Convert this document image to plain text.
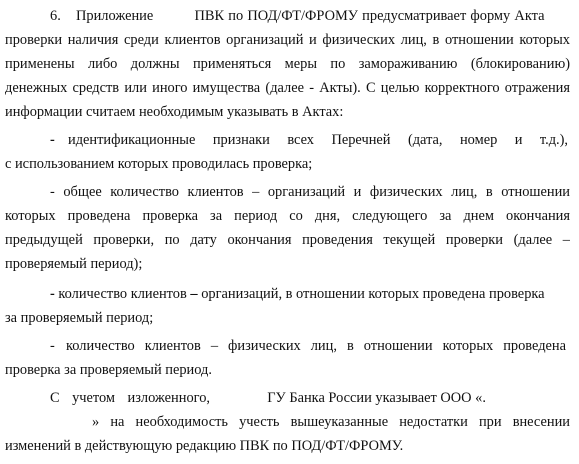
6. Приложение	ПВК по ПОД/ФТ/ФРОМУ предусматривает форму Акта
проверки наличия среди клиентов организаций и физических лиц, в отношении которых
применены либо должны применяться меры по замораживанию (блокированию)
денежных средств или иного имущества (далее - Акты). С целью корректного отражения
информации считаем необходимым указывать в Актах:
- идентификационные признаки всех Перечней (дата, номер и т.д.),
с использованием которых проводилась проверка;
- общее количество клиентов – организаций и физических лиц, в отношении
которых проведена проверка за период со дня, следующего за днем окончания
предыдущей проверки, по дату окончания проведения текущей проверки (далее –
проверяемый период);
- количество клиентов – организаций, в отношении которых проведена проверка
за проверяемый период;
- количество клиентов – физических лиц, в отношении которых проведена
проверка за проверяемый период.
С учетом изложенного,	ГУ Банка России указывает ООО «.
» на необходимость учесть вышеуказанные недостатки при внесении
изменений в действующую редакцию ПВК по ПОД/ФТ/ФРОМУ.
